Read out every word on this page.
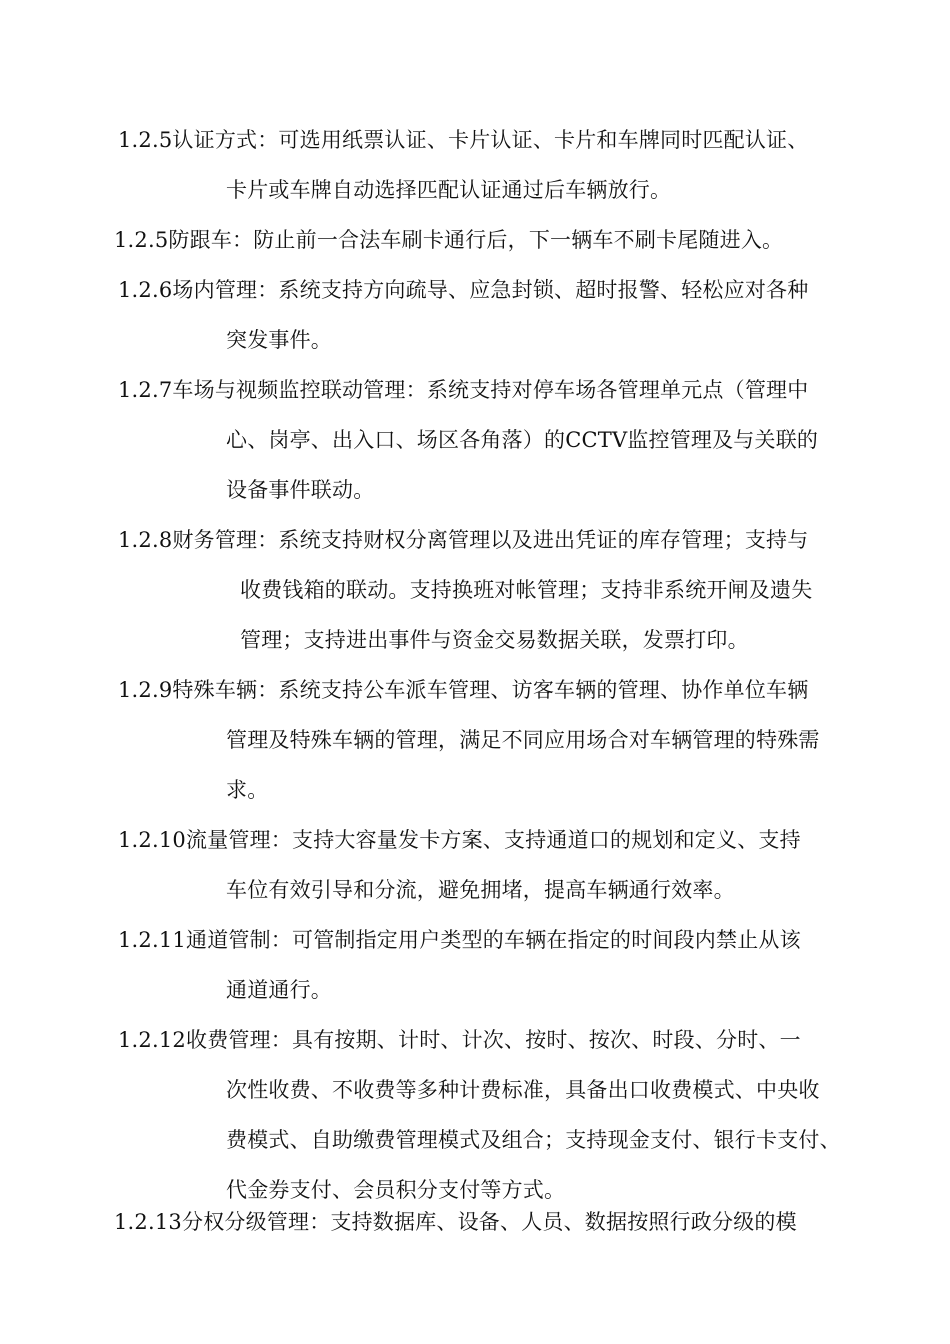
1.2.5认证方式：可选用纸票认证、卡片认证、卡片和车牌同时匹配认证、
卡片或车牌自动选择匹配认证通过后车辆放行。
1.2.5防跟车：防止前一合法车刷卡通行后，下一辆车不刷卡尾随进入。
1.2.6场内管理：系统支持方向疏导、应急封锁、超时报警、轻松应对各种
突发事件。
1.2.7车场与视频监控联动管理：系统支持对停车场各管理单元点（管理中
心、岗亭、出入口、场区各角落）的CCTV监控管理及与关联的
设备事件联动。
1.2.8财务管理：系统支持财权分离管理以及进出凭证的库存管理；支持与
收费钱箱的联动。支持换班对帐管理；支持非系统开闸及遗失
管理；支持进出事件与资金交易数据关联，发票打印。
1.2.9特殊车辆：系统支持公车派车管理、访客车辆的管理、协作单位车辆
管理及特殊车辆的管理，满足不同应用场合对车辆管理的特殊需
求。
1.2.10流量管理：支持大容量发卡方案、支持通道口的规划和定义、支持
车位有效引导和分流，避免拥堵，提高车辆通行效率。
1.2.11通道管制：可管制指定用户类型的车辆在指定的时间段内禁止从该
通道通行。
1.2.12收费管理：具有按期、计时、计次、按时、按次、时段、分时、一
次性收费、不收费等多种计费标准，具备出口收费模式、中央收
费模式、自助缴费管理模式及组合；支持现金支付、银行卡支付、
代金券支付、会员积分支付等方式。
1.2.13分权分级管理：支持数据库、设备、人员、数据按照行政分级的模
